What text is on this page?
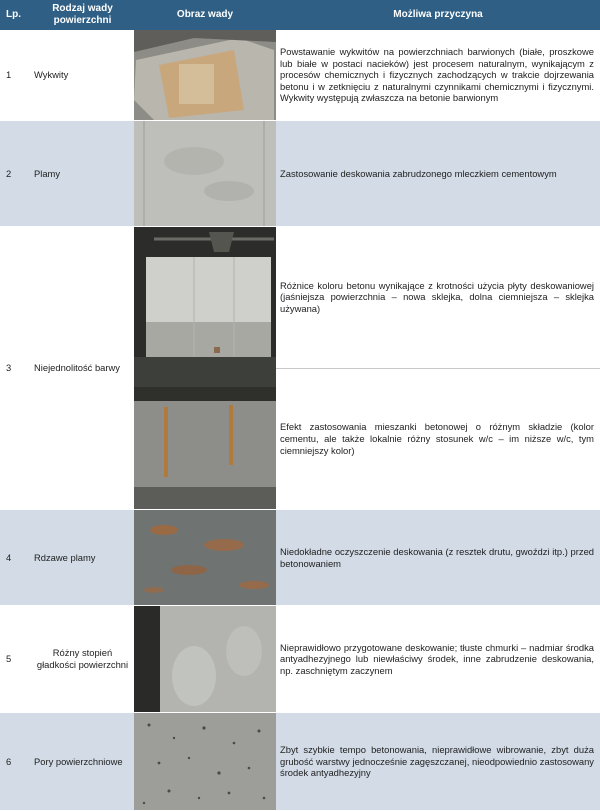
Lp.	Rodzaj wady powierzchni	Obraz wady	Możliwa przyczyna
1	Wykwity		Powstawanie wykwitów na powierzchniach barwionych (białe, proszkowe lub białe w postaci nacieków) jest procesem naturalnym, wynikającym z procesów chemicznych i fizycznych zachodzących w trakcie dojrzewania betonu i w zetknięciu z naturalnymi czynnikami chemicznymi i fizycznymi. Wykwity występują zwłaszcza na betonie barwionym
2	Plamy		Zastosowanie deskowania zabrudzonego mleczkiem cementowym
3	Niejednolitość barwy		Różnice koloru betonu wynikające z krotności użycia płyty deskowaniowej (jaśniejsza powierzchnia – nowa sklejka, dolna ciemniejsza – sklejka używana)
Efekt zastosowania mieszanki betonowej o różnym składzie (kolor cementu, ale także lokalnie różny stosunek w/c – im niższe w/c, tym ciemniejszy kolor)

4	Rdzawe plamy		Niedokładne oczyszczenie deskowania (z resztek drutu, gwoździ itp.) przed betonowaniem
5	Różny stopień gładkości powierzchni		Nieprawidłowo przygotowane deskowanie; tłuste chmurki – nadmiar środka antyadhezyjnego lub niewłaściwy środek, inne zabrudzenie deskowania, np. zaschniętym zaczynem
6	Pory powierzchniowe		Zbyt szybkie tempo betonowania, nieprawidłowe wibrowanie, zbyt duża grubość warstwy jednocześnie zagęszczanej, nieodpowiednio zastosowany środek antyadhezyjny
